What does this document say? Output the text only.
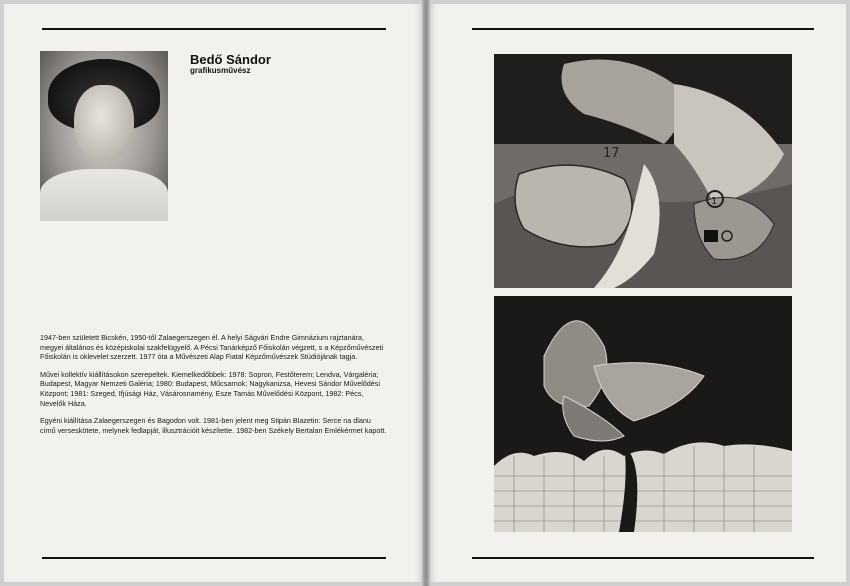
Bedő Sándor
grafikusművész

1947-ben született Bicskén, 1950-től Zalaegerszegen él. A helyi Ságvári Endre Gimnázium rajztanára, megyei általános és középiskolai szakfelügyelő. A Pécsi Tanárképző Főiskolán végzett, s a Képzőművészeti Főiskolán is oklevelet szerzett. 1977 óta a Művészeti Alap Fiatal Képzőművészek Stúdiójának tagja.

Művei kollektív kiállításokon szerepeltek. Kiemelkedőbbek: 1978: Sopron, Festőterem; Lendva, Várgaléria; Budapest, Magyar Nemzeti Galéria; 1980: Budapest, Műcsarnok; Nagykanizsa, Hevesi Sándor Művelődési Központ; 1981: Szeged, Ifjúsági Ház, Vásárosnamény, Esze Tamás Művelődési Központ, 1982: Pécs, Nevelők Háza.

Egyéni kiállítása Zalaegerszegen és Bagodon volt. 1981-ben jelent meg Stipán Blazetin: Serce na dlanu című verseskötete, melynek fedlapját, illusztrációit készítette. 1982-ben Székely Bertalan Emlékérmet kapott.

17
1
